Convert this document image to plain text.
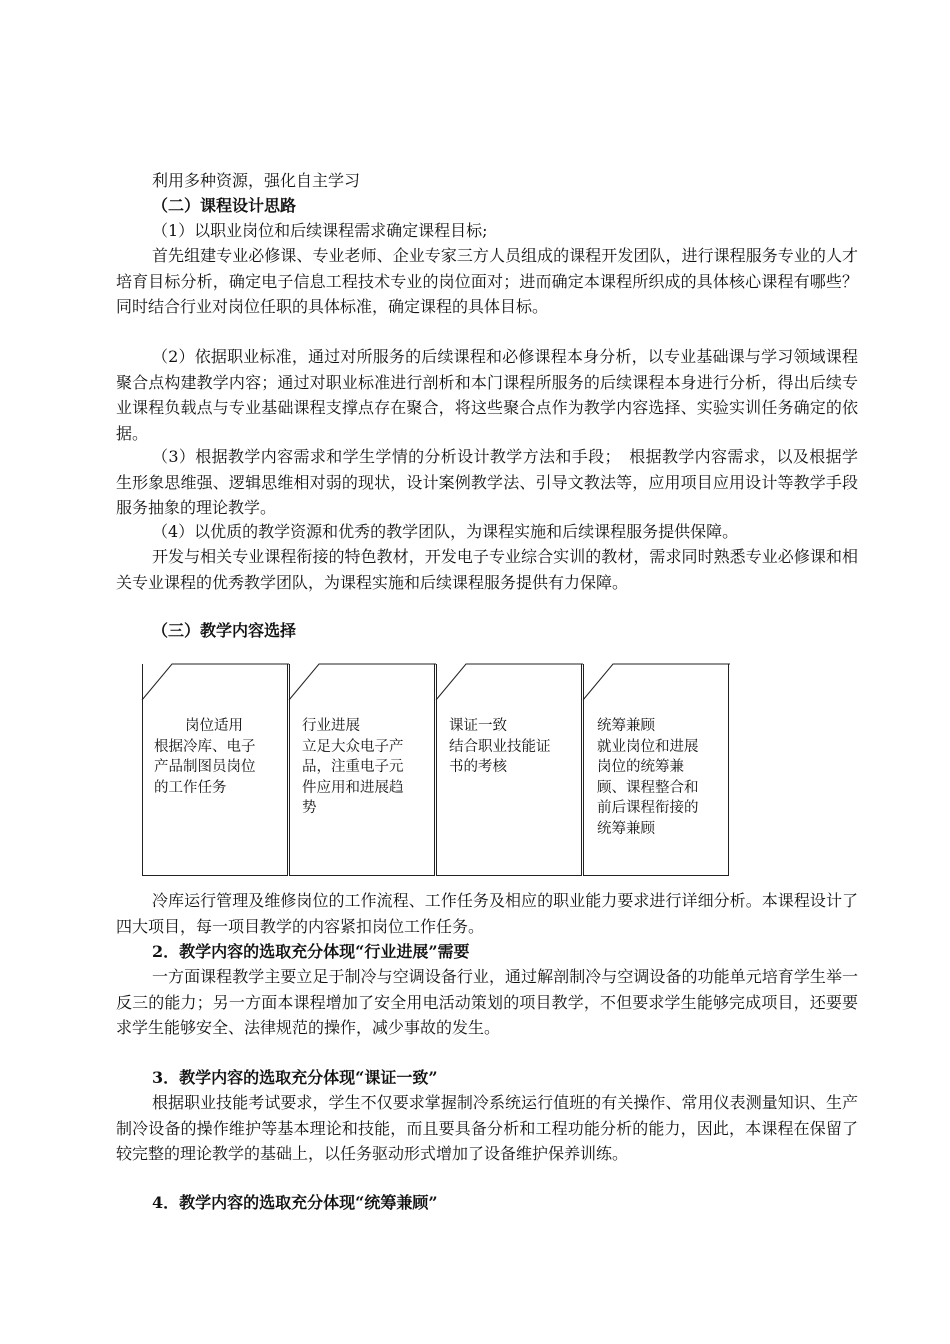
利用多种资源，强化自主学习

（二）课程设计思路

（1）以职业岗位和后续课程需求确定课程目标;

首先组建专业必修课、专业老师、企业专家三方人员组成的课程开发团队，进行课程服务专业的人才培育目标分析，确定电子信息工程技术专业的岗位面对；进而确定本课程所织成的具体核心课程有哪些？同时结合行业对岗位任职的具体标准，确定课程的具体目标。

（2）依据职业标准，通过对所服务的后续课程和必修课程本身分析，以专业基础课与学习领域课程聚合点构建教学内容；通过对职业标准进行剖析和本门课程所服务的后续课程本身进行分析，得出后续专业课程负载点与专业基础课程支撑点存在聚合，将这些聚合点作为教学内容选择、实验实训任务确定的依据。

（3）根据教学内容需求和学生学情的分析设计教学方法和手段；　根据教学内容需求，以及根据学生形象思维强、逻辑思维相对弱的现状，设计案例教学法、引导文教法等，应用项目应用设计等教学手段服务抽象的理论教学。

（4）以优质的教学资源和优秀的教学团队，为课程实施和后续课程服务提供保障。

开发与相关专业课程衔接的特色教材，开发电子专业综合实训的教材，需求同时熟悉专业必修课和相关专业课程的优秀教学团队，为课程实施和后续课程服务提供有力保障。

（三）教学内容选择

岗位适用
根据冷库、电子
产品制图员岗位
的工作任务
行业进展
立足大众电子产
品，注重电子元
件应用和进展趋
势
课证一致
结合职业技能证
书的考核
统筹兼顾
就业岗位和进展
岗位的统筹兼
顾、课程整合和
前后课程衔接的
统筹兼顾

冷库运行管理及维修岗位的工作流程、工作任务及相应的职业能力要求进行详细分析。本课程设计了四大项目，每一项目教学的内容紧扣岗位工作任务。

2．教学内容的选取充分体现“行业进展”需要

一方面课程教学主要立足于制冷与空调设备行业，通过解剖制冷与空调设备的功能单元培育学生举一反三的能力；另一方面本课程增加了安全用电活动策划的项目教学，不但要求学生能够完成项目，还要要求学生能够安全、法律规范的操作，减少事故的发生。

3．教学内容的选取充分体现“课证一致”

根据职业技能考试要求，学生不仅要求掌握制冷系统运行值班的有关操作、常用仪表测量知识、生产制冷设备的操作维护等基本理论和技能，而且要具备分析和工程功能分析的能力，因此，本课程在保留了较完整的理论教学的基础上，以任务驱动形式增加了设备维护保养训练。

4．教学内容的选取充分体现“统筹兼顾”
